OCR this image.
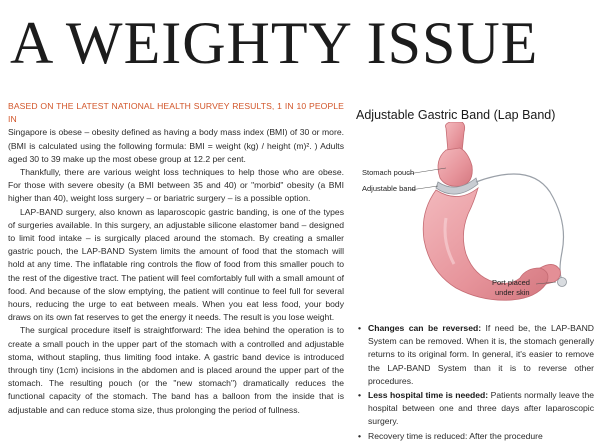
A WEIGHTY ISSUE

BASED ON THE LATEST NATIONAL HEALTH SURVEY RESULTS, 1 IN 10 PEOPLE IN
Singapore is obese – obesity defined as having a body mass index (BMI) of 30 or more. (BMI is calculated using the following formula: BMI = weight (kg) / height (m)². ) Adults aged 30 to 39 make up the most obese group at 12.2 per cent.

Thankfully, there are various weight loss techniques to help those who are obese. For those with severe obesity (a BMI between 35 and 40) or "morbid" obesity (a BMI higher than 40), weight loss surgery – or bariatric surgery – is a possible option.

LAP-BAND surgery, also known as laparoscopic gastric banding, is one of the types of surgeries available. In this surgery, an adjustable silicone elastomer band – designed to limit food intake – is surgically placed around the stomach. By creating a smaller gastric pouch, the LAP-BAND System limits the amount of food that the stomach will hold at any time. The inflatable ring controls the flow of food from this smaller pouch to the rest of the digestive tract. The patient will feel comfortably full with a small amount of food. And because of the slow emptying, the patient will continue to feel full for several hours, reducing the urge to eat between meals. When you eat less food, your body draws on its own fat reserves to get the energy it needs. The result is you lose weight.

The surgical procedure itself is straightforward: The idea behind the operation is to create a small pouch in the upper part of the stomach with a controlled and adjustable stoma, without stapling, thus limiting food intake. A gastric band device is introduced through tiny (1cm) incisions in the abdomen and is placed around the upper part of the stomach. The resulting pouch (or the "new stomach") dramatically reduces the functional capacity of the stomach. The band has a balloon from the inside that is adjustable and can reduce stoma size, thus prolonging the period of fullness.

Adjustable Gastric Band (Lap Band)
Stomach pouch
Adjustable band
Port placed
under skin
• Changes can be reversed: If need be, the LAP-BAND System can be removed. When it is, the stomach generally returns to its original form. In general, it's easier to remove the LAP-BAND System than it is to reverse other procedures.
• Less hospital time is needed: Patients normally leave the hospital between one and three days after laparoscopic surgery.
• Recovery time is reduced: After the procedure
